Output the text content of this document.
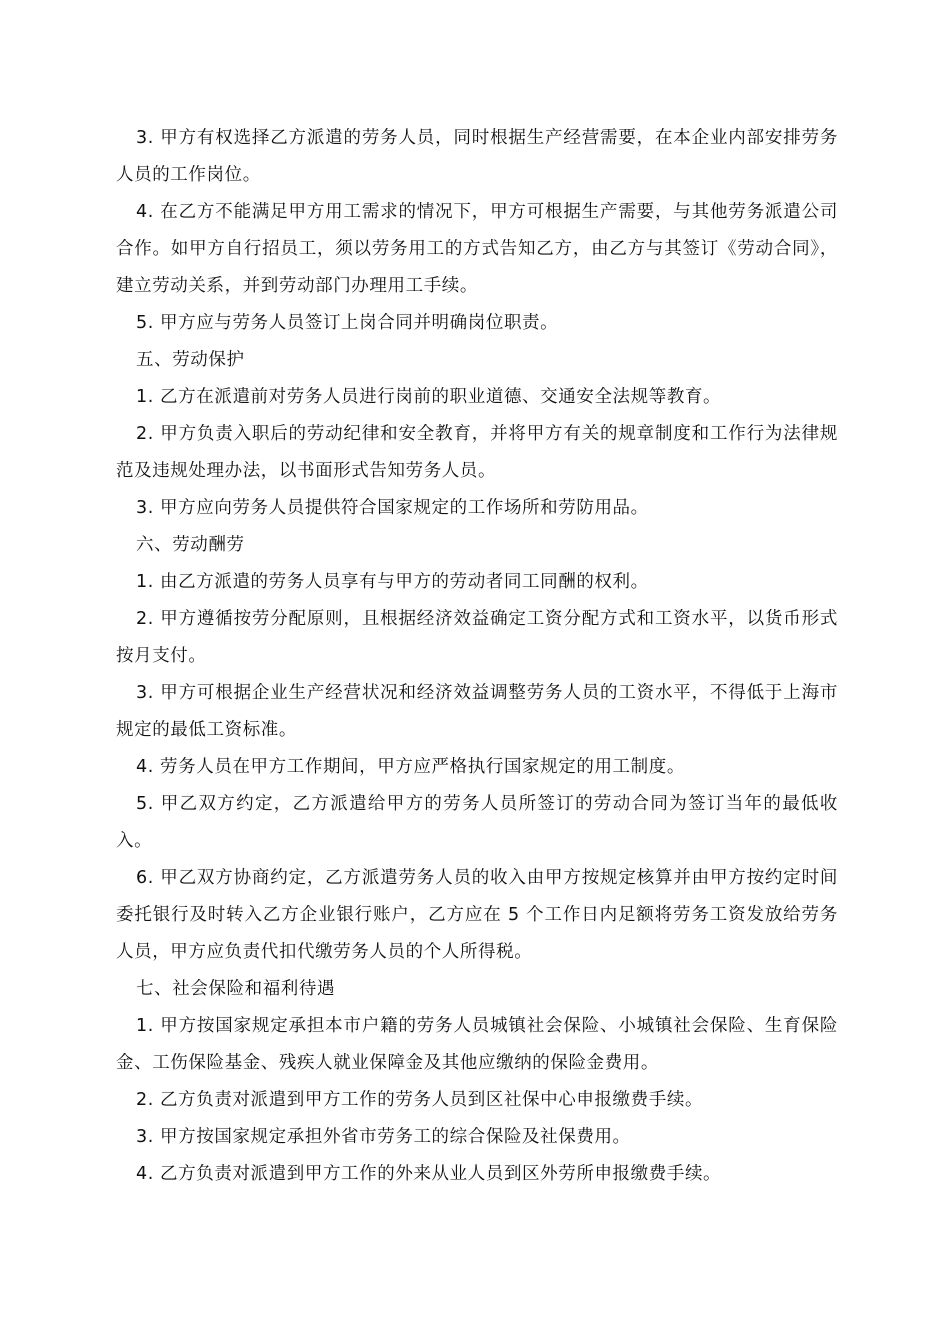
3. 甲方有权选择乙方派遣的劳务人员，同时根据生产经营需要，在本企业内部安排劳务人员的工作岗位。

4. 在乙方不能满足甲方用工需求的情况下，甲方可根据生产需要，与其他劳务派遣公司合作。如甲方自行招员工，须以劳务用工的方式告知乙方，由乙方与其签订《劳动合同》，建立劳动关系，并到劳动部门办理用工手续。

5. 甲方应与劳务人员签订上岗合同并明确岗位职责。

五、劳动保护

1. 乙方在派遣前对劳务人员进行岗前的职业道德、交通安全法规等教育。

2. 甲方负责入职后的劳动纪律和安全教育，并将甲方有关的规章制度和工作行为法律规范及违规处理办法，以书面形式告知劳务人员。

3. 甲方应向劳务人员提供符合国家规定的工作场所和劳防用品。

六、劳动酬劳

1. 由乙方派遣的劳务人员享有与甲方的劳动者同工同酬的权利。

2. 甲方遵循按劳分配原则，且根据经济效益确定工资分配方式和工资水平，以货币形式按月支付。

3. 甲方可根据企业生产经营状况和经济效益调整劳务人员的工资水平，不得低于上海市规定的最低工资标准。

4. 劳务人员在甲方工作期间，甲方应严格执行国家规定的用工制度。

5. 甲乙双方约定，乙方派遣给甲方的劳务人员所签订的劳动合同为签订当年的最低收入。

6. 甲乙双方协商约定，乙方派遣劳务人员的收入由甲方按规定核算并由甲方按约定时间委托银行及时转入乙方企业银行账户，乙方应在 5 个工作日内足额将劳务工资发放给劳务人员，甲方应负责代扣代缴劳务人员的个人所得税。

七、社会保险和福利待遇

1. 甲方按国家规定承担本市户籍的劳务人员城镇社会保险、小城镇社会保险、生育保险金、工伤保险基金、残疾人就业保障金及其他应缴纳的保险金费用。

2. 乙方负责对派遣到甲方工作的劳务人员到区社保中心申报缴费手续。

3. 甲方按国家规定承担外省市劳务工的综合保险及社保费用。

4. 乙方负责对派遣到甲方工作的外来从业人员到区外劳所申报缴费手续。
